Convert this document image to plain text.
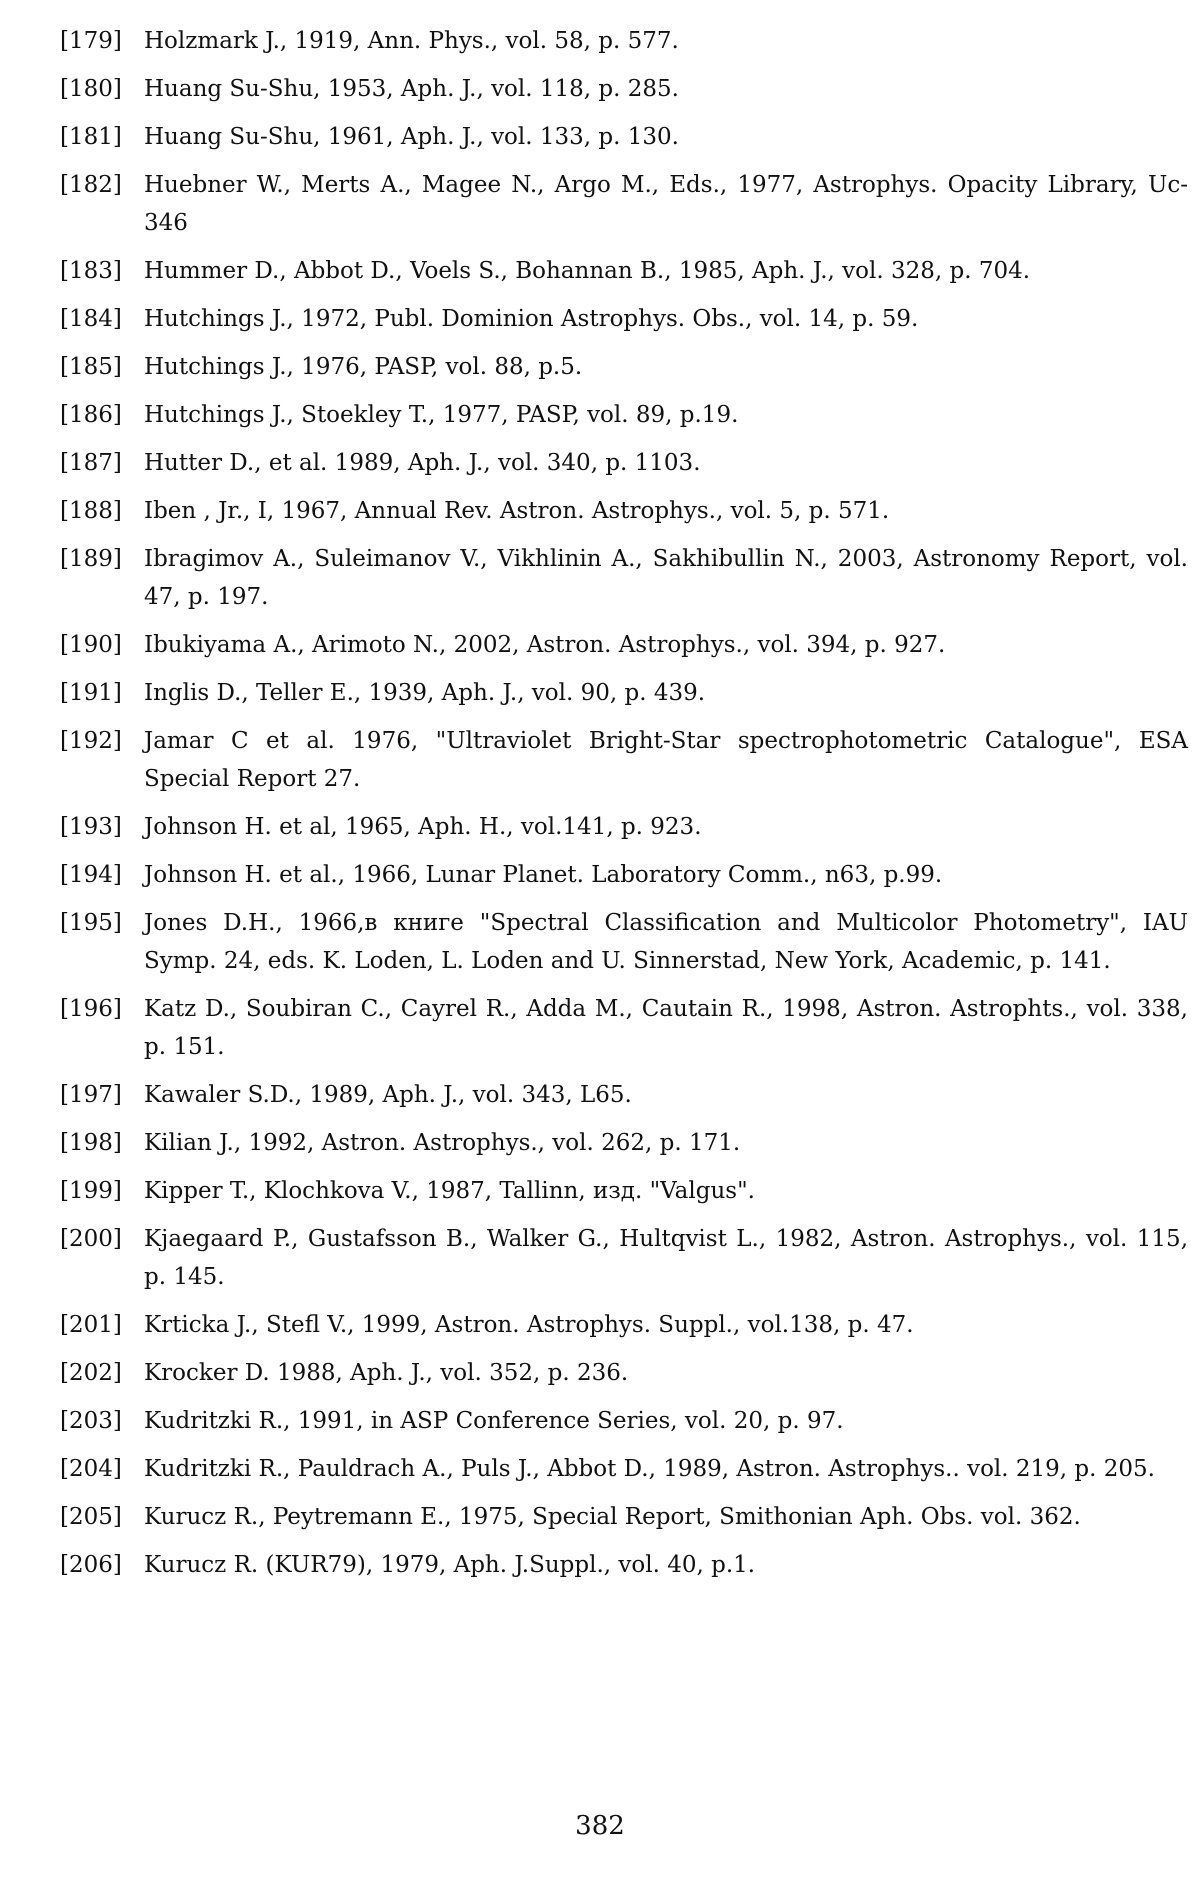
[179] Holzmark J., 1919, Ann. Phys., vol. 58, p. 577.
[180] Huang Su-Shu, 1953, Aph. J., vol. 118, p. 285.
[181] Huang Su-Shu, 1961, Aph. J., vol. 133, p. 130.
[182] Huebner W., Merts A., Magee N., Argo M., Eds., 1977, Astrophys. Opacity Library, Uc-346
[183] Hummer D., Abbot D., Voels S., Bohannan B., 1985, Aph. J., vol. 328, p. 704.
[184] Hutchings J., 1972, Publ. Dominion Astrophys. Obs., vol. 14, p. 59.
[185] Hutchings J., 1976, PASP, vol. 88, p.5.
[186] Hutchings J., Stoekley T., 1977, PASP, vol. 89, p.19.
[187] Hutter D., et al. 1989, Aph. J., vol. 340, p. 1103.
[188] Iben , Jr., I, 1967, Annual Rev. Astron. Astrophys., vol. 5, p. 571.
[189] Ibragimov A., Suleimanov V., Vikhlinin A., Sakhibullin N., 2003, Astronomy Report, vol. 47, p. 197.
[190] Ibukiyama A., Arimoto N., 2002, Astron. Astrophys., vol. 394, p. 927.
[191] Inglis D., Teller E., 1939, Aph. J., vol. 90, p. 439.
[192] Jamar C et al. 1976, "Ultraviolet Bright-Star spectrophotometric Catalogue", ESA Special Report 27.
[193] Johnson H. et al, 1965, Aph. H., vol.141, p. 923.
[194] Johnson H. et al., 1966, Lunar Planet. Laboratory Comm., n63, p.99.
[195] Jones D.H., 1966,в книге "Spectral Classification and Multicolor Photometry", IAU Symp. 24, eds. K. Loden, L. Loden and U. Sinnerstad, New York, Academic, p. 141.
[196] Katz D., Soubiran C., Cayrel R., Adda M., Cautain R., 1998, Astron. Astrophts., vol. 338, p. 151.
[197] Kawaler S.D., 1989, Aph. J., vol. 343, L65.
[198] Kilian J., 1992, Astron. Astrophys., vol. 262, p. 171.
[199] Kipper T., Klochkova V., 1987, Tallinn, изд. "Valgus".
[200] Kjaegaard P., Gustafsson B., Walker G., Hultqvist L., 1982, Astron. Astrophys., vol. 115, p. 145.
[201] Krticka J., Stefl V., 1999, Astron. Astrophys. Suppl., vol.138, p. 47.
[202] Krocker D. 1988, Aph. J., vol. 352, p. 236.
[203] Kudritzki R., 1991, in ASP Conference Series, vol. 20, p. 97.
[204] Kudritzki R., Pauldrach A., Puls J., Abbot D., 1989, Astron. Astrophys.. vol. 219, p. 205.
[205] Kurucz R., Peytremann E., 1975, Special Report, Smithonian Aph. Obs. vol. 362.
[206] Kurucz R. (KUR79), 1979, Aph. J.Suppl., vol. 40, p.1.
382
